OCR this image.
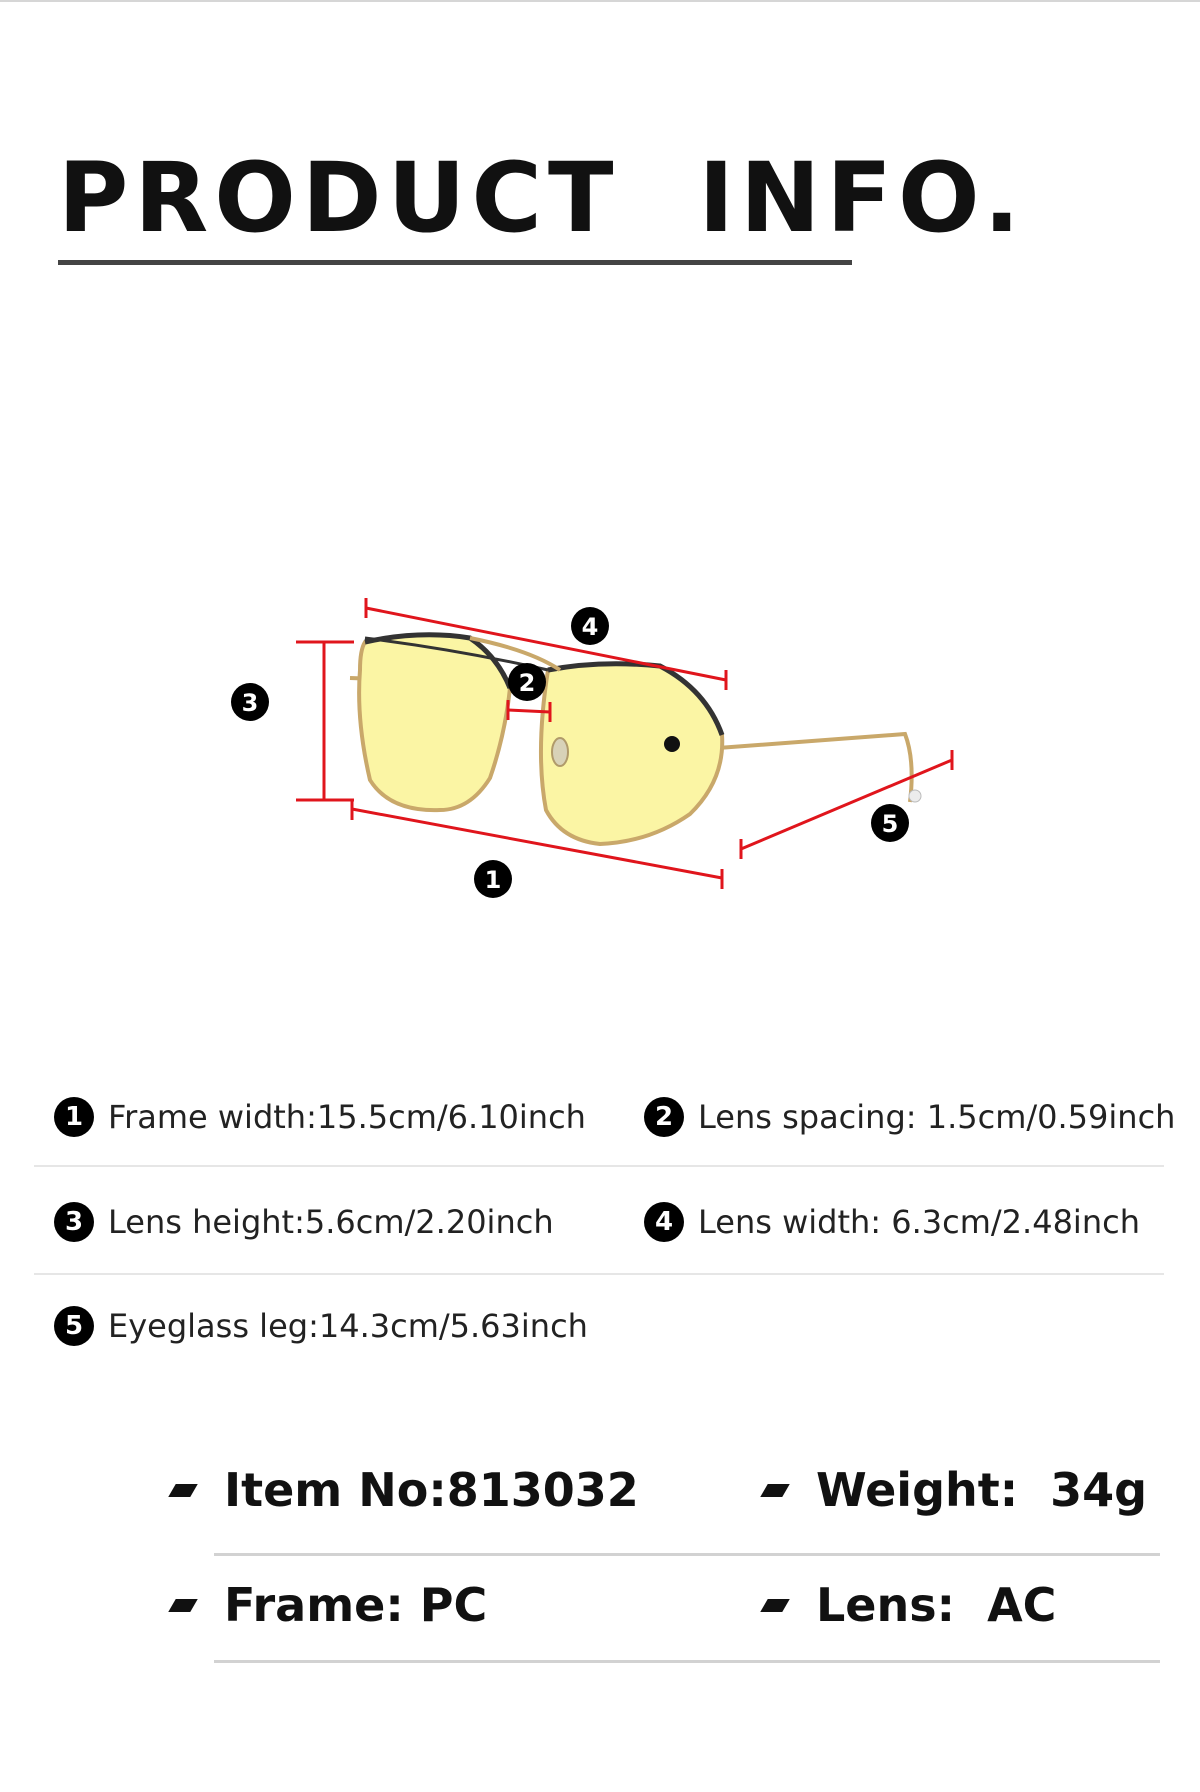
PRODUCT  INFO.
4
2
3
1
5
1 Frame width:15.5cm/6.10inch	2 Lens spacing: 1.5cm/0.59inch
3 Lens height:5.6cm/2.20inch	4 Lens width: 6.3cm/2.48inch
5 Eyeglass leg:14.3cm/5.63inch
Item No:813032	Weight:  34g
Frame: PC	Lens:  AC
